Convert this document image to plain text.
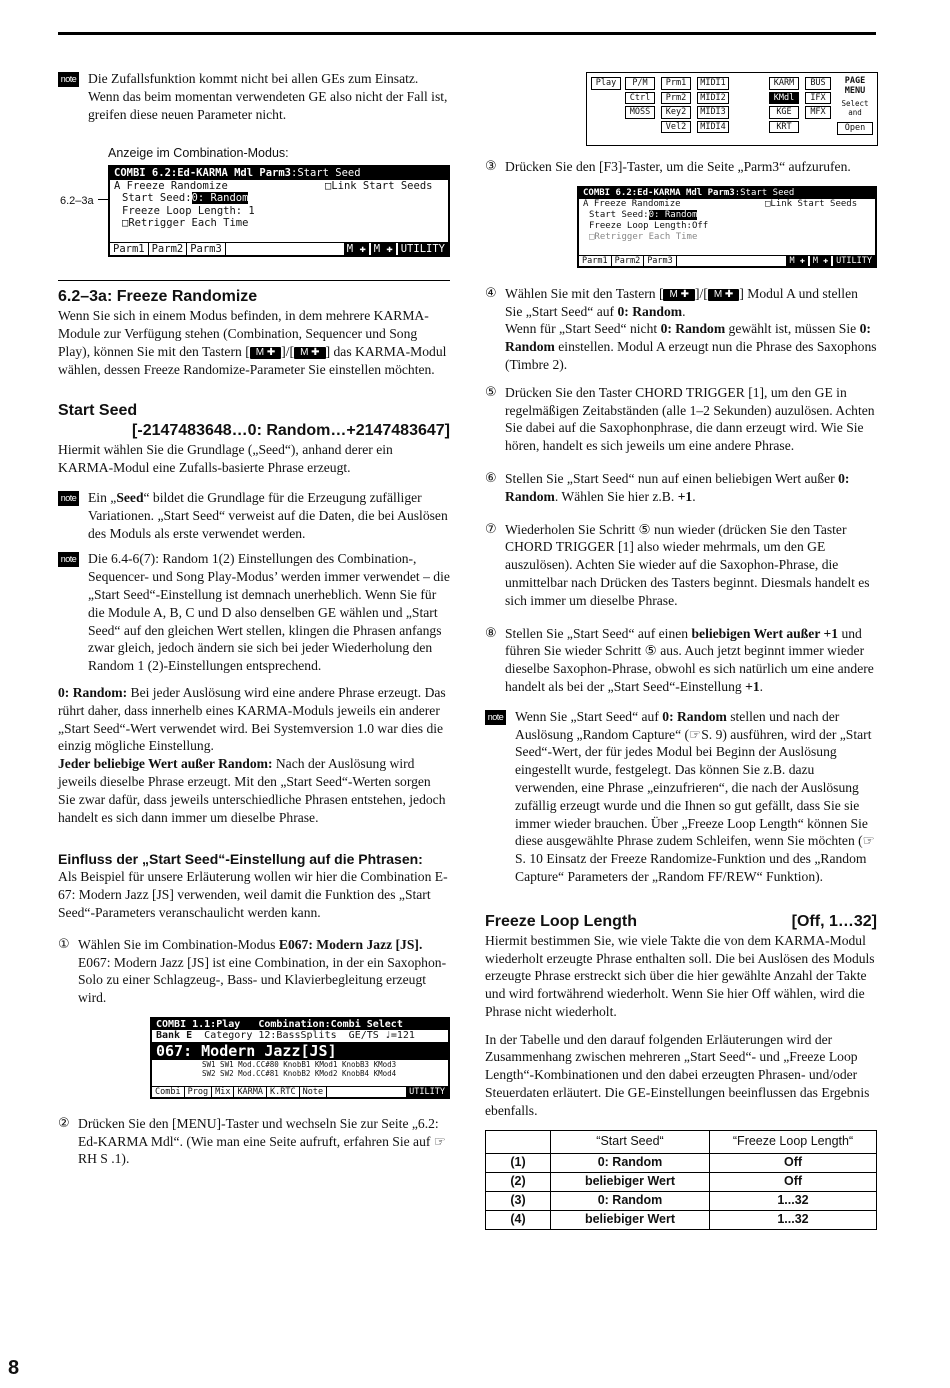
note Die Zufallsfunktion kommt nicht bei allen GEs zum Einsatz. Wenn das beim momentan verwendeten GE also nicht der Fall ist, greifen diese neuen Parameter nicht.
Anzeige im Combination-Modus:
6.2–3a
COMBI 6.2:Ed-KARMA Mdl Parm3:Start Seed
A Freeze Randomize	□Link Start Seeds
Start Seed:0: Random
Freeze Loop Length: 1
□Retrigger Each Time
Parm1 Parm2 Parm3	M ✚ M ✚ UTILITY
6.2–3a: Freeze Randomize

Wenn Sie sich in einem Modus befinden, in dem mehrere KARMA-Module zur Verfügung stehen (Combination, Sequencer und Song Play), können Sie mit den Tastern [ M ✚ ]/[ M ✚ ] das KARMA-Modul wählen, dessen Freeze Randomize-Parameter Sie einstellen möchten.

Start Seed
[-2147483648…0: Random…+2147483647]

Hiermit wählen Sie die Grundlage („Seed“), anhand derer ein KARMA-Modul eine Zufalls-basierte Phrase erzeugt.

note Ein „Seed“ bildet die Grundlage für die Erzeugung zufälliger Variationen. „Start Seed“ verweist auf die Daten, die bei Auslösen des Moduls als erste verwendet werden.
note Die 6.4-6(7): Random 1(2) Einstellungen des Combination-, Sequencer- und Song Play-Modus’ werden immer verwendet – die „Start Seed“-Einstellung ist demnach unerheblich. Wenn Sie für die Module A, B, C und D also denselben GE wählen und „Start Seed“ auf den gleichen Wert stellen, klingen die Phrasen anfangs zwar gleich, jedoch ändern sie sich bei jeder Wiederholung den Random 1 (2)-Einstellungen entsprechend.

0: Random: Bei jeder Auslösung wird eine andere Phrase erzeugt. Das rührt daher, dass innerhelb eines KARMA-Moduls jeweils ein anderer „Start Seed“-Wert verwendet wird. Bei Systemversion 1.0 war dies die einzig mögliche Einstellung.

Jeder beliebige Wert außer Random: Nach der Auslösung wird jeweils dieselbe Phrase erzeugt. Mit den „Start Seed“-Werten sorgen Sie zwar dafür, dass jeweils unterschiedliche Phrasen entstehen, jedoch handelt es sich dann immer um dieselbe Phrase.

Einfluss der „Start Seed“-Einstellung auf die Phtrasen:

Als Beispiel für unsere Erläuterung wollen wir hier die Combination E-67: Modern Jazz [JS] verwenden, weil damit die Funktion des „Start Seed“-Parameters veranschaulicht werden kann.

① Wählen Sie im Combination-Modus E067: Modern Jazz [JS].
E067: Modern Jazz [JS] ist eine Combination, in der ein Saxophon-Solo zu einer Schlagzeug-, Bass- und Klavierbegleitung erzeugt wird.
COMBI 1.1:Play Combination:Combi Select
Bank E Category 12:BassSplits GE/TS ♩=121
067: Modern Jazz[JS]
SW1 SW1 Mod.CC#80 KnobB1 KMod1 KnobB3 KMod3
SW2 SW2 Mod.CC#81 KnobB2 KMod2 KnobB4 KMod4
Combi Prog Mix KARMA K.RTC Note	UTILITY
② Drücken Sie den [MENU]-Taster und wechseln Sie zur Seite „6.2: Ed-KARMA Mdl“. (Wie man eine Seite aufruft, erfahren Sie auf ☞RH S .1).
Play	P/M
Ctrl
MOSS
Prm1
Prm2
Key2
Vel2
MIDI1
MIDI2
MIDI3
MIDI4
KARM
KMdl
KGE
KRT
BUS
IFX
MFX
PAGE MENU
Select and
Open
③ Drücken Sie den [F3]-Taster, um die Seite „Parm3“ aufzurufen.
COMBI 6.2:Ed-KARMA Mdl Parm3:Start Seed
A Freeze Randomize	□Link Start Seeds
Start Seed:0: Random
Freeze Loop Length:Off
□Retrigger Each Time
Parm1 Parm2 Parm3	M ✚ M ✚ UTILITY
④ Wählen Sie mit den Tastern [ M ✚ ]/[ M ✚ ] Modul A und stellen Sie „Start Seed“ auf 0: Random.
Wenn für „Start Seed“ nicht 0: Random gewählt ist, müssen Sie 0: Random einstellen. Modul A erzeugt nun die Phrase des Saxophons (Timbre 2).
⑤ Drücken Sie den Taster CHORD TRIGGER [1], um den GE in regelmäßigen Zeitabständen (alle 1–2 Sekunden) auzulösen. Achten Sie dabei auf die Saxophonphrase, die dann erzeugt wird. Wie Sie hören, handelt es sich jeweils um eine andere Phrase.
⑥ Stellen Sie „Start Seed“ nun auf einen beliebigen Wert außer 0: Random. Wählen Sie hier z.B. +1.
⑦ Wiederholen Sie Schritt ⑤ nun wieder (drücken Sie den Taster CHORD TRIGGER [1] also wieder mehrmals, um den GE auszulösen). Achten Sie wieder auf die Saxophon-Phrase, die unmittelbar nach Drücken des Tasters beginnt. Diesmals handelt es sich immer um dieselbe Phrase.
⑧ Stellen Sie „Start Seed“ auf einen beliebigen Wert außer +1 und führen Sie wieder Schritt ⑤ aus. Auch jetzt beginnt immer wieder dieselbe Saxophon-Phrase, obwohl es sich natürlich um eine andere handelt als bei der „Start Seed“-Einstellung +1.
note Wenn Sie „Start Seed“ auf 0: Random stellen und nach der Auslösung „Random Capture“ (☞S. 9) ausführen, wird der „Start Seed“-Wert, der für jedes Modul bei Beginn der Auslösung eingestellt wurde, festgelegt. Das können Sie z.B. dazu verwenden, eine Phrase „einzufrieren“, die nach der Auslösung zufällig erzeugt wurde und die Ihnen so gut gefällt, dass Sie sie immer wieder brauchen. Über „Freeze Loop Length“ können Sie diese ausgewählte Phrase zudem Schleifen, wenn Sie möchten (☞S. 10 Einsatz der Freeze Randomize-Funktion und des „Random Capture“ Parameters der „Random FF/REW“ Funktion).
Freeze Loop Length	[Off, 1…32]

Hiermit bestimmen Sie, wie viele Takte die von dem KARMA-Modul wiederholt erzeugte Phrase enthalten soll. Die bei Auslösen des Moduls erzeugte Phrase erstreckt sich über die hier gewählte Anzahl der Takte und wird fortwährend wiederholt. Wenn Sie hier Off wählen, wird die Phrase nicht wiederholt.

In der Tabelle und den darauf folgenden Erläuterungen wird der Zusammenhang zwischen mehreren „Start Seed“- und „Freeze Loop Length“-Kombinationen und den dabei erzeugten Phrasen- und/oder Steuerdaten erläutert. Die GE-Einstellungen beeinflussen das Ergebnis ebenfalls.

	“Start Seed“	“Freeze Loop Length“
(1)	0: Random	Off
(2)	beliebiger Wert	Off
(3)	0: Random	1...32
(4)	beliebiger Wert	1...32
8
